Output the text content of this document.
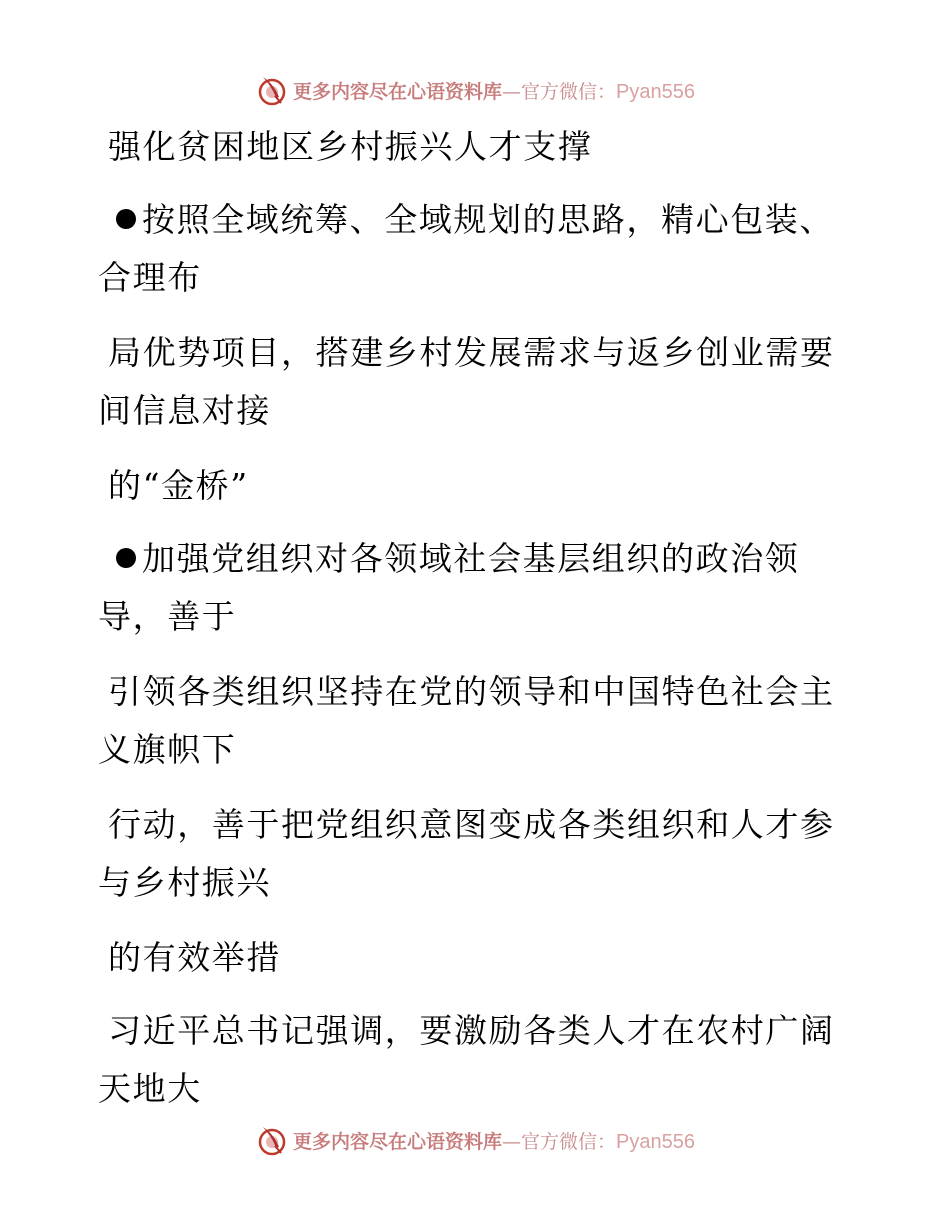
更多内容尽在心语资料库—官方微信：Pyan556
强化贫困地区乡村振兴人才支撑
按照全域统筹、全域规划的思路，精心包装、
合理布
局优势项目，搭建乡村发展需求与返乡创业需要
间信息对接
的“金桥”
加强党组织对各领域社会基层组织的政治领
导，善于
引领各类组织坚持在党的领导和中国特色社会主
义旗帜下
行动，善于把党组织意图变成各类组织和人才参
与乡村振兴
的有效举措
习近平总书记强调，要激励各类人才在农村广阔
天地大
更多内容尽在心语资料库—官方微信：Pyan556
